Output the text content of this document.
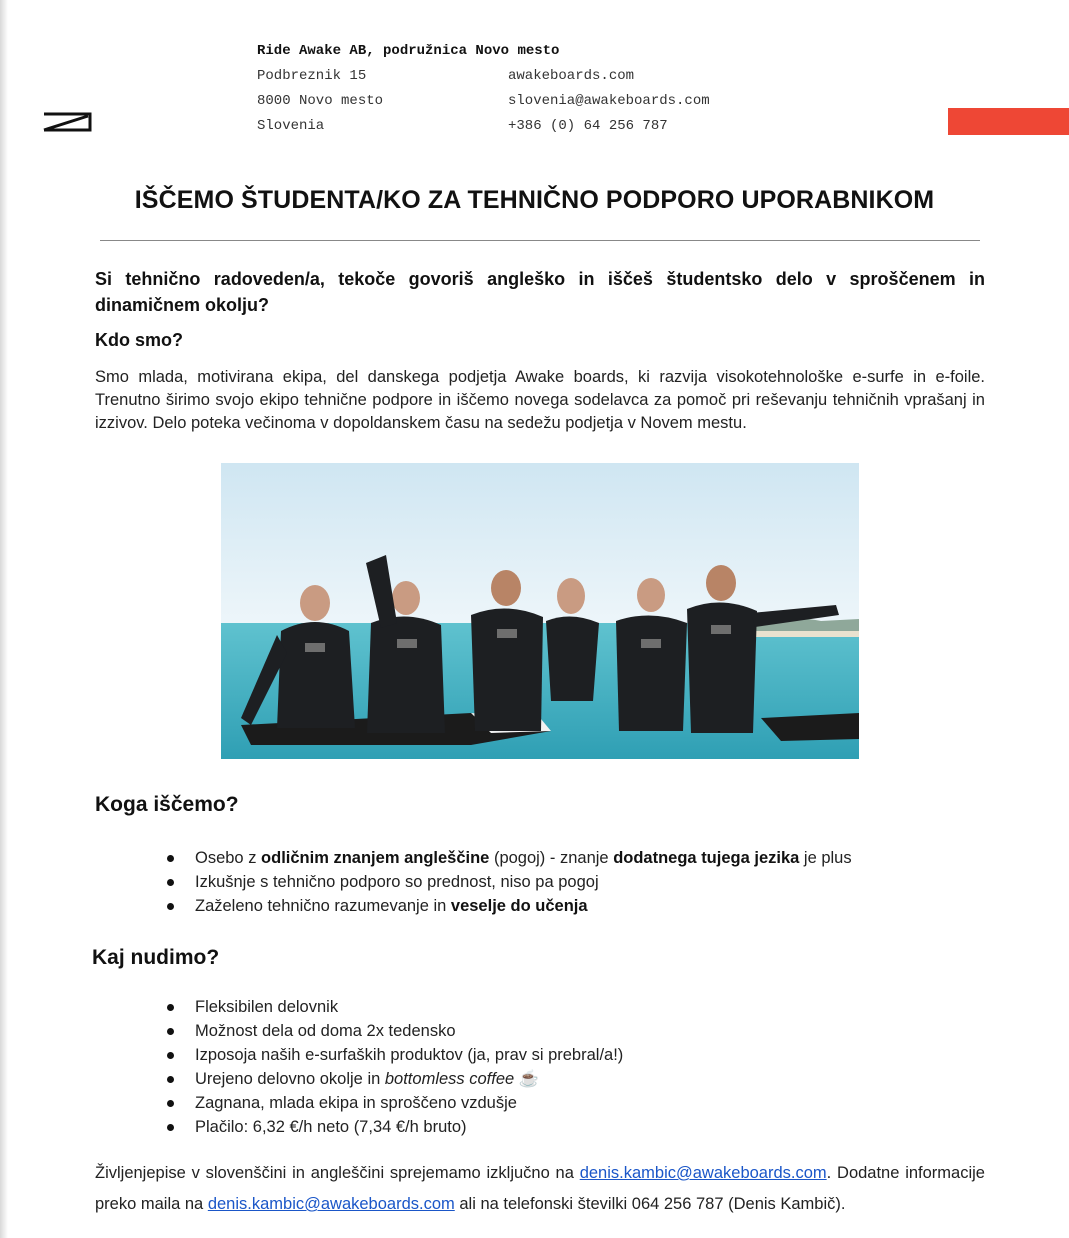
Ride Awake AB, podružnica Novo mesto
Podbreznik 15
8000 Novo mesto
Slovenia
awakeboards.com
slovenia@awakeboards.com
+386 (0) 64 256 787
IŠČEMO ŠTUDENTA/KO ZA TEHNIČNO PODPORO UPORABNIKOM

Si tehnično radoveden/a, tekoče govoriš angleško in iščeš študentsko delo v sproščenem in dinamičnem okolju?

Kdo smo?

Smo mlada, motivirana ekipa, del danskega podjetja Awake boards, ki razvija visokotehnološke e-surfe in e-foile. Trenutno širimo svojo ekipo tehnične podpore in iščemo novega sodelavca za pomoč pri reševanju tehničnih vprašanj in izzivov. Delo poteka večinoma v dopoldanskem času na sedežu podjetja v Novem mestu.

Koga iščemo?
Osebo z odličnim znanjem angleščine (pogoj) - znanje dodatnega tujega jezika je plus
Izkušnje s tehnično podporo so prednost, niso pa pogoj
Zaželeno tehnično razumevanje in veselje do učenja
Kaj nudimo?
Fleksibilen delovnik
Možnost dela od doma 2x tedensko
Izposoja naših e-surfaških produktov (ja, prav si prebral/a!)
Urejeno delovno okolje in bottomless coffee ☕
Zagnana, mlada ekipa in sproščeno vzdušje
Plačilo: 6,32 €/h neto (7,34 €/h bruto)

Življenjepise v slovenščini in angleščini sprejemamo izključno na denis.kambic@awakeboards.com. Dodatne informacije preko maila na denis.kambic@awakeboards.com ali na telefonski številki 064 256 787 (Denis Kambič).
